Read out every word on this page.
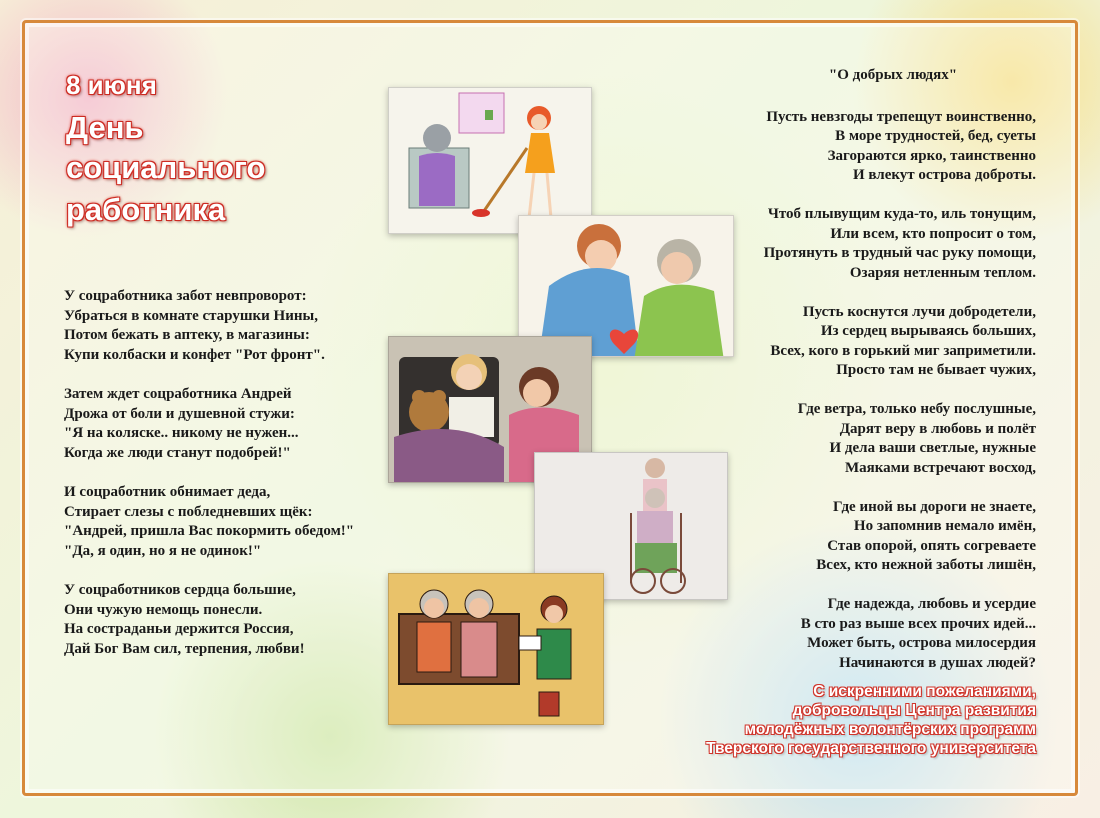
8 июня
День
социального
работника
У соцработника забот невпроворот:
Убраться в комнате старушки Нины,
Потом бежать в аптеку, в магазины:
Купи колбаски и конфет "Рот фронт".
Затем ждет соцработника Андрей
Дрожа от боли и душевной стужи:
"Я на коляске.. никому не нужен...
Когда же люди станут подобрей!"
И соцработник обнимает деда,
Стирает слезы с побледневших щёк:
"Андрей, пришла Вас покормить обедом!"
"Да, я один, но я не одинок!"
У соцработников сердца большие,
Они чужую немощь понесли.
На состраданьи держится Россия,
Дай Бог Вам сил, терпения, любви!
"О добрых людях"
Пусть невзгоды трепещут воинственно,
В море трудностей, бед, суеты
Загораются ярко, таинственно
И влекут острова доброты.
Чтоб плывущим куда-то, иль тонущим,
Или всем, кто попросит о том,
Протянуть в трудный час руку помощи,
Озаряя нетленным теплом.
Пусть коснутся лучи добродетели,
Из сердец вырываясь больших,
Всех, кого в горький миг заприметили.
Просто там не бывает чужих,
Где ветра, только небу послушные,
Дарят веру в любовь и полёт
И дела ваши светлые, нужные
Маяками встречают восход,
Где иной вы дороги не знаете,
Но запомнив немало имён,
Став опорой, опять согреваете
Всех, кто нежной заботы лишён,
Где надежда, любовь и усердие
В сто раз выше всех прочих идей...
Может быть, острова милосердия
Начинаются в душах людей?
С искренними пожеланиями,
добровольцы Центра развития
молодёжных волонтёрских программ
Тверского государственного университета
